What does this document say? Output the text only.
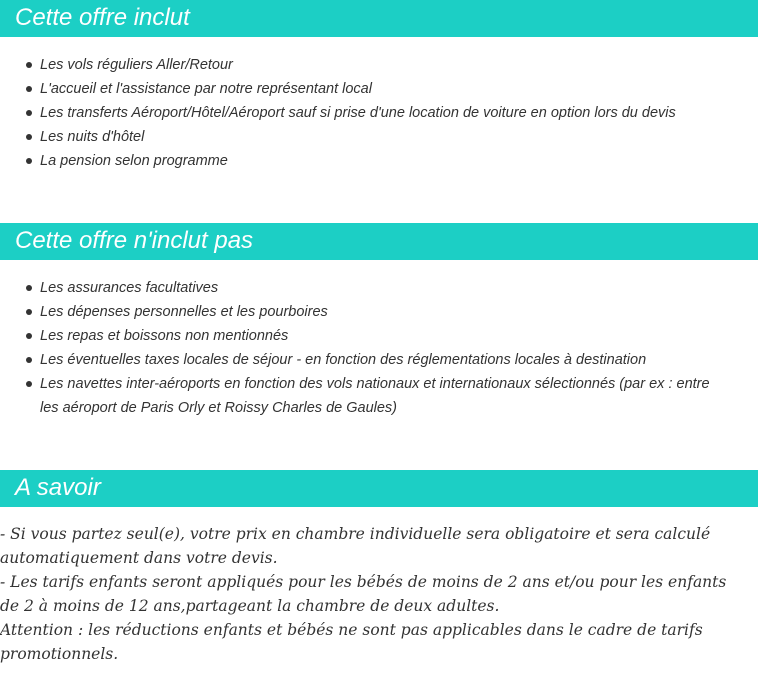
Cette offre inclut
Les vols réguliers Aller/Retour
L'accueil et l'assistance par notre représentant local
Les transferts Aéroport/Hôtel/Aéroport sauf si prise d'une location de voiture en option lors du devis
Les nuits d'hôtel
La pension selon programme
Cette offre n'inclut pas
Les assurances facultatives
Les dépenses personnelles et les pourboires
Les repas et boissons non mentionnés
Les éventuelles taxes locales de séjour - en fonction des réglementations locales à destination
Les navettes inter-aéroports en fonction des vols nationaux et internationaux sélectionnés (par ex : entre les aéroport de Paris Orly et Roissy Charles de Gaules)
A savoir

- Si vous partez seul(e), votre prix en chambre individuelle sera obligatoire et sera calculé automatiquement dans votre devis.

- Les tarifs enfants seront appliqués pour les bébés de moins de 2 ans et/ou pour les enfants de 2 à moins de 12 ans,partageant la chambre de deux adultes.

Attention : les réductions enfants et bébés ne sont pas applicables dans le cadre de tarifs promotionnels.
